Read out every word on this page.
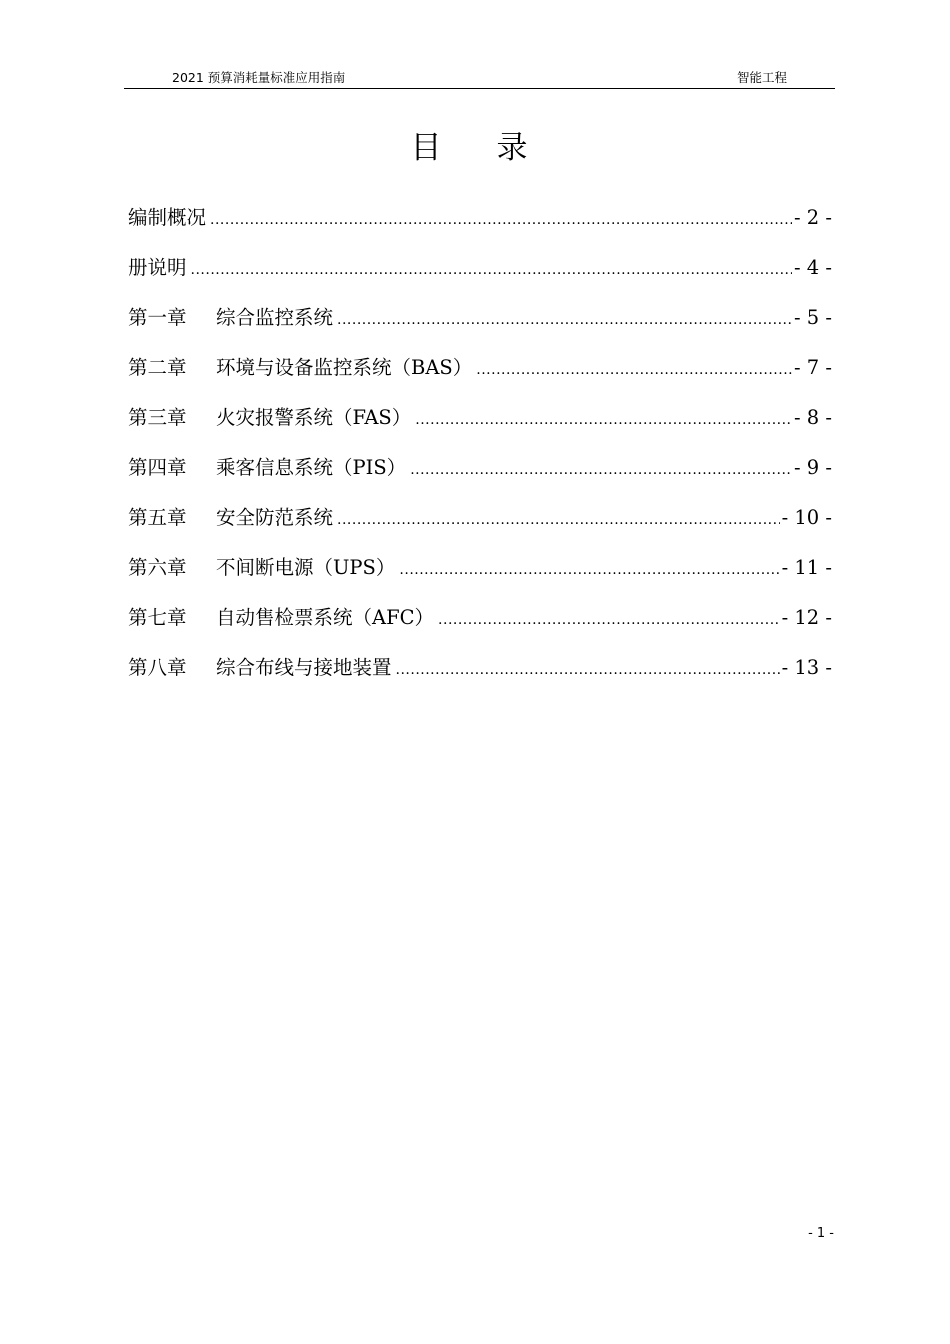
2021 预算消耗量标准应用指南	智能工程
目　录
编制概况 .....	- 2 -
册说明 .....	- 4 -
第一章	综合监控系统 .....	- 5 -
第二章	环境与设备监控系统（BAS） .....	- 7 -
第三章	火灾报警系统（FAS） .....	- 8 -
第四章	乘客信息系统（PIS） .....	- 9 -
第五章	安全防范系统 .....	- 10 -
第六章	不间断电源（UPS） .....	- 11 -
第七章	自动售检票系统（AFC） .....	- 12 -
第八章	综合布线与接地装置 .....	- 13 -
- 1 -
